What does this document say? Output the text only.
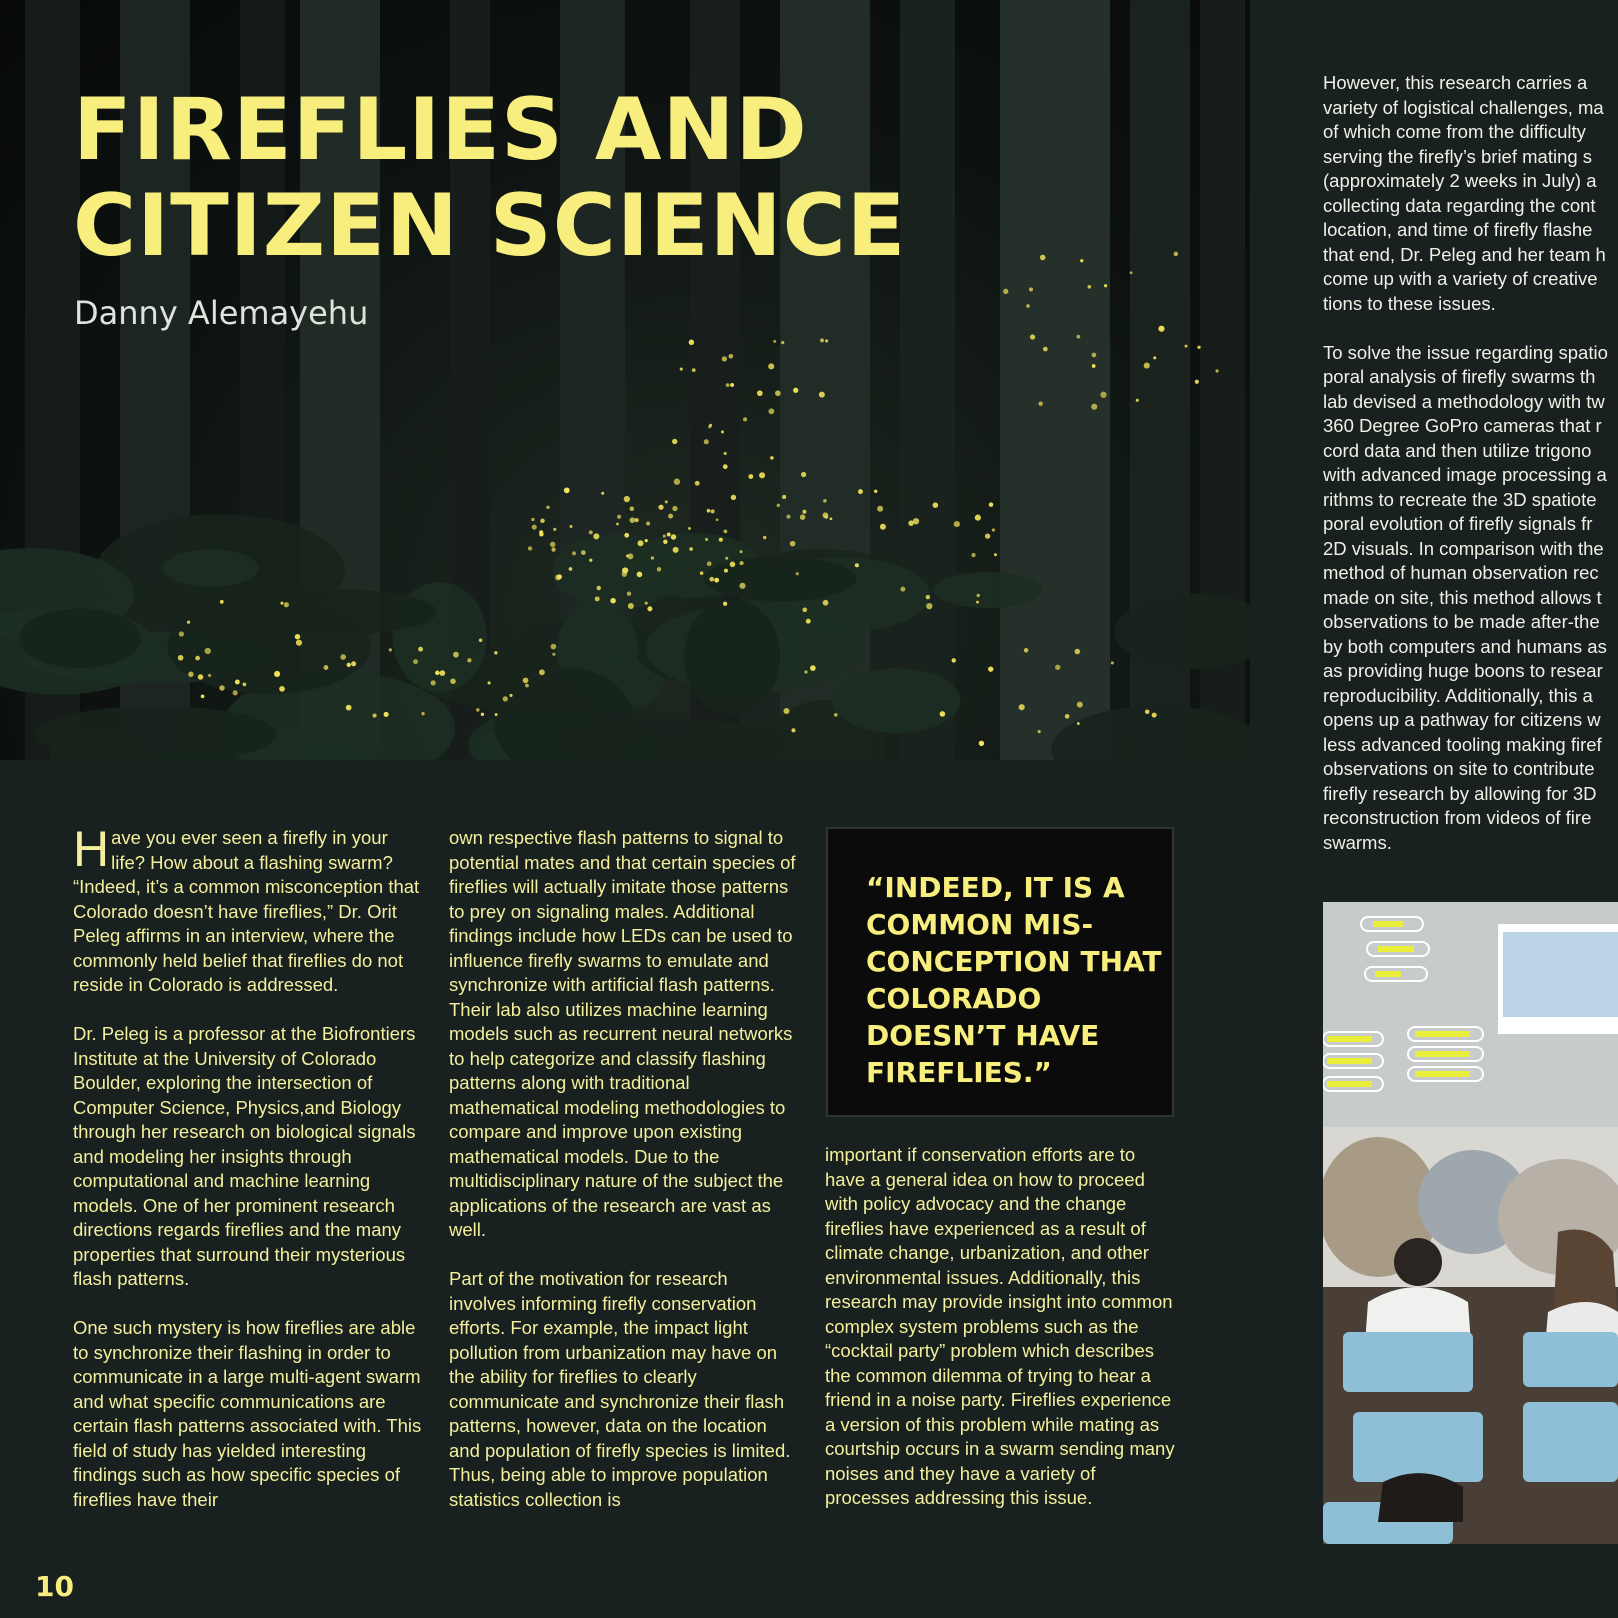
FIREFLIES AND CITIZEN SCIENCE
Danny Alemayehu
Have you ever seen a firefly in your life? How about a flashing swarm? “Indeed, it’s a common misconception that Colorado doesn’t have fireflies,” Dr. Orit Peleg affirms in an interview, where the commonly held belief that fireflies do not reside in Colorado is addressed.

Dr. Peleg is a professor at the Biofrontiers Institute at the University of Colorado Boulder, exploring the intersection of Computer Science, Physics,and Biology through her research on biological signals and modeling her insights through computational and machine learning models. One of her prominent research directions regards fireflies and the many properties that surround their mysterious flash patterns.

One such mystery is how fireflies are able to synchronize their flashing in order to communicate in a large multi-agent swarm and what specific communications are certain flash patterns associated with. This field of study has yielded interesting findings such as how specific species of fireflies have their
own respective flash patterns to signal to potential mates and that certain species of fireflies will actually imitate those patterns to prey on signaling males. Additional findings include how LEDs can be used to influence firefly swarms to emulate and synchronize with artificial flash patterns. Their lab also utilizes machine learning models such as recurrent neural networks to help categorize and classify flashing patterns along with traditional mathematical modeling methodologies to compare and improve upon existing mathematical models. Due to the multidisciplinary nature of the subject the applications of the research are vast as well.

Part of the motivation for research involves informing firefly conservation efforts. For example, the impact light pollution from urbanization may have on the ability for fireflies to clearly communicate and synchronize their flash patterns, however, data on the location and population of firefly species is limited. Thus, being able to improve population statistics collection is
“INDEED, IT IS A COMMON MIS-
CONCEPTION THAT COLORADO DOESN’T HAVE FIREFLIES.”
important if conservation efforts are to have a general idea on how to proceed with policy advocacy and the change fireflies have experienced as a result of climate change, urbanization, and other environmental issues. Additionally, this research may provide insight into common complex system problems such as the “cocktail party” problem which describes the common dilemma of trying to hear a friend in a noise party. Fireflies experience a version of this problem while mating as courtship occurs in a swarm sending many noises and they have a variety of processes addressing this issue.
However, this research carries a
variety of logistical challenges, ma
of which come from the difficulty
serving the firefly’s brief mating s
(approximately 2 weeks in July) a
collecting data regarding the cont
location, and time of firefly flashe
that end, Dr. Peleg and her team h
come up with a variety of creative
tions to these issues.

To solve the issue regarding spatio
poral analysis of firefly swarms th
lab devised a methodology with tw
360 Degree GoPro cameras that r
cord data and then utilize trigono
with advanced image processing a
rithms to recreate the 3D spatiote
poral evolution of firefly signals fr
2D visuals. In comparison with the
method of human observation rec
made on site, this method allows t
observations to be made after-the
by both computers and humans as
as providing huge boons to resear
reproducibility. Additionally, this a
opens up a pathway for citizens w
less advanced tooling making firef
observations on site to contribute
firefly research by allowing for 3D
reconstruction from videos of fire
swarms.
10
